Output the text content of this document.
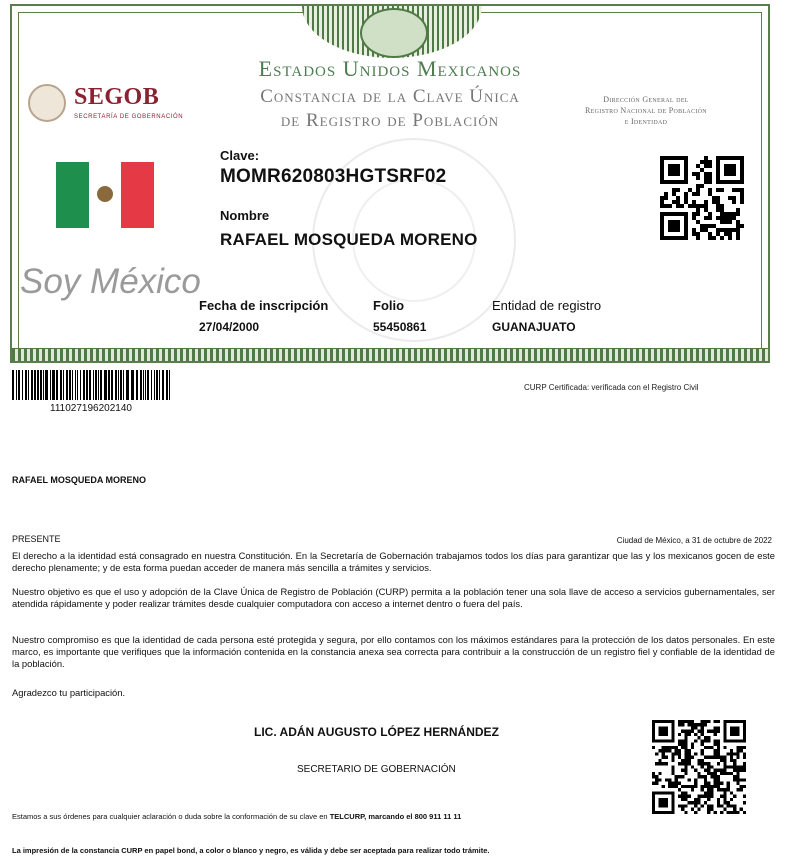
Estados Unidos Mexicanos
Constancia de la Clave Única
de Registro de Población
SEGOB
SECRETARÍA DE GOBERNACIÓN
Dirección General del
Registro Nacional de Población
e Identidad
Soy México
Clave:
MOMR620803HGTSRF02
Nombre
RAFAEL MOSQUEDA MORENO
Fecha de inscripción
27/04/2000
Folio
55450861
Entidad de registro
GUANAJUATO
111027196202140
CURP Certificada: verificada con el Registro Civil
RAFAEL MOSQUEDA MORENO
PRESENTE	Ciudad de México, a 31 de octubre de 2022
El derecho a la identidad está consagrado en nuestra Constitución. En la Secretaría de Gobernación trabajamos todos los días para garantizar que las y los mexicanos gocen de este derecho plenamente; y de esta forma puedan acceder de manera más sencilla a trámites y servicios.
Nuestro objetivo es que el uso y adopción de la Clave Única de Registro de Población (CURP) permita a la población tener una sola llave de acceso a servicios gubernamentales, ser atendida rápidamente y poder realizar trámites desde cualquier computadora con acceso a internet dentro o fuera del país.
Nuestro compromiso es que la identidad de cada persona esté protegida y segura, por ello contamos con los máximos estándares para la protección de los datos personales. En este marco, es importante que verifiques que la información contenida en la constancia anexa sea correcta para contribuir a la construcción de un registro fiel y confiable de la identidad de la población.
Agradezco tu participación.
LIC. ADÁN AUGUSTO LÓPEZ HERNÁNDEZ
SECRETARIO DE GOBERNACIÓN
Estamos a sus órdenes para cualquier aclaración o duda sobre la conformación de su clave en TELCURP, marcando el 800 911 11 11
La impresión de la constancia CURP en papel bond, a color o blanco y negro, es válida y debe ser aceptada para realizar todo trámite.
